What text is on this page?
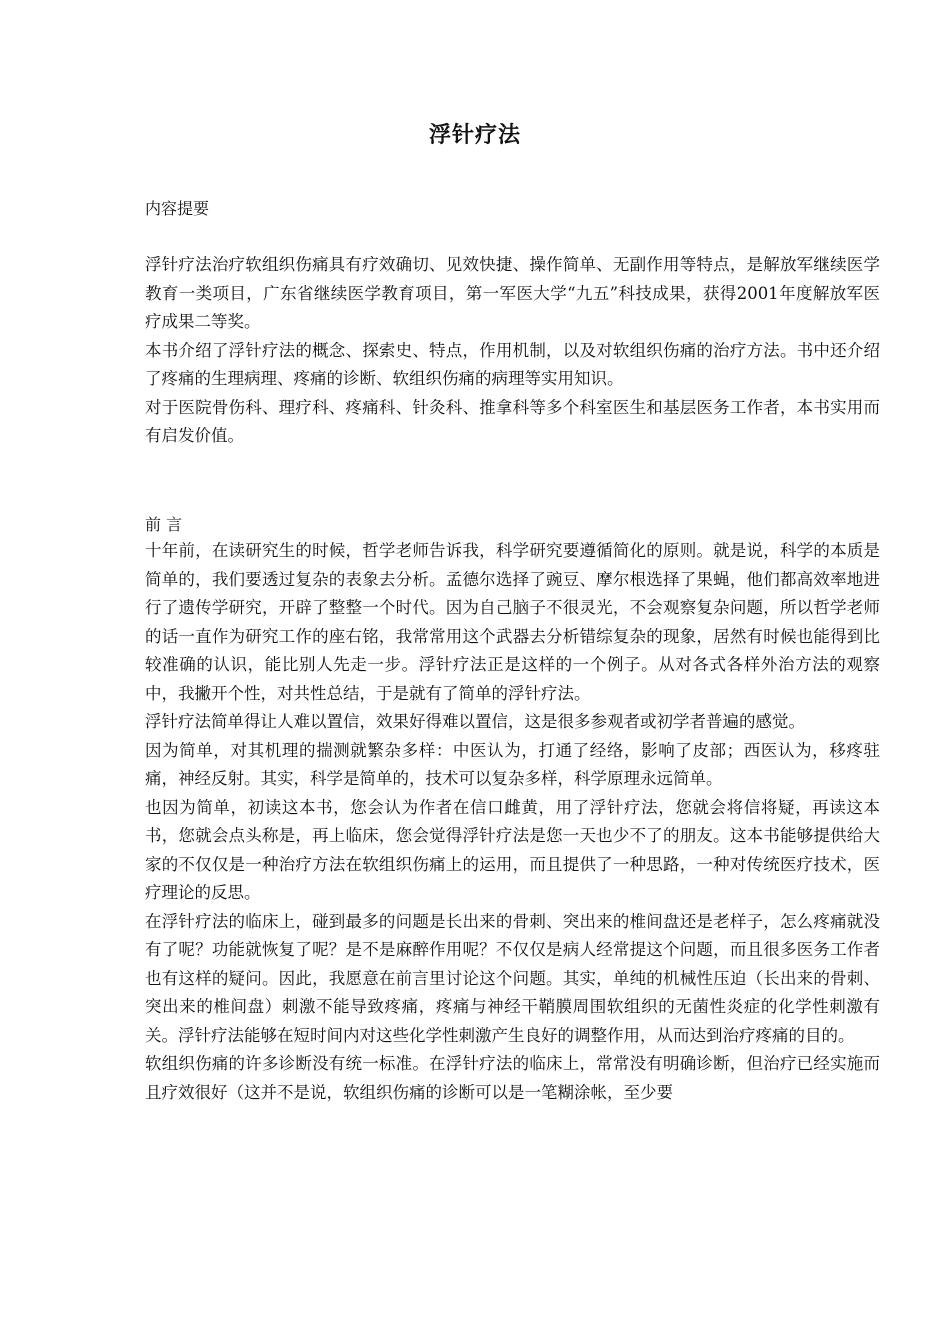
浮针疗法
内容提要

浮针疗法治疗软组织伤痛具有疗效确切、见效快捷、操作简单、无副作用等特点，是解放军继续医学教育一类项目，广东省继续医学教育项目，第一军医大学“九五”科技成果，获得2001年度解放军医疗成果二等奖。

本书介绍了浮针疗法的概念、探索史、特点，作用机制，以及对软组织伤痛的治疗方法。书中还介绍了疼痛的生理病理、疼痛的诊断、软组织伤痛的病理等实用知识。

对于医院骨伤科、理疗科、疼痛科、针灸科、推拿科等多个科室医生和基层医务工作者，本书实用而有启发价值。

前 言

十年前，在读研究生的时候，哲学老师告诉我，科学研究要遵循简化的原则。就是说，科学的本质是简单的，我们要透过复杂的表象去分析。孟德尔选择了豌豆、摩尔根选择了果蝇，他们都高效率地进行了遗传学研究，开辟了整整一个时代。因为自己脑子不很灵光，不会观察复杂问题，所以哲学老师的话一直作为研究工作的座右铭，我常常用这个武器去分析错综复杂的现象，居然有时候也能得到比较准确的认识，能比别人先走一步。浮针疗法正是这样的一个例子。从对各式各样外治方法的观察中，我撇开个性，对共性总结，于是就有了简单的浮针疗法。

浮针疗法简单得让人难以置信，效果好得难以置信，这是很多参观者或初学者普遍的感觉。

因为简单，对其机理的揣测就繁杂多样：中医认为，打通了经络，影响了皮部；西医认为，移疼驻痛，神经反射。其实，科学是简单的，技术可以复杂多样，科学原理永远简单。

也因为简单，初读这本书，您会认为作者在信口雌黄，用了浮针疗法，您就会将信将疑，再读这本书，您就会点头称是，再上临床，您会觉得浮针疗法是您一天也少不了的朋友。这本书能够提供给大家的不仅仅是一种治疗方法在软组织伤痛上的运用，而且提供了一种思路，一种对传统医疗技术，医疗理论的反思。

在浮针疗法的临床上，碰到最多的问题是长出来的骨刺、突出来的椎间盘还是老样子，怎么疼痛就没有了呢？功能就恢复了呢？是不是麻醉作用呢？不仅仅是病人经常提这个问题，而且很多医务工作者也有这样的疑问。因此，我愿意在前言里讨论这个问题。其实，单纯的机械性压迫（长出来的骨刺、突出来的椎间盘）刺激不能导致疼痛，疼痛与神经干鞘膜周围软组织的无菌性炎症的化学性刺激有关。浮针疗法能够在短时间内对这些化学性刺激产生良好的调整作用，从而达到治疗疼痛的目的。

软组织伤痛的许多诊断没有统一标准。在浮针疗法的临床上，常常没有明确诊断，但治疗已经实施而且疗效很好（这并不是说，软组织伤痛的诊断可以是一笔糊涂帐，至少要
